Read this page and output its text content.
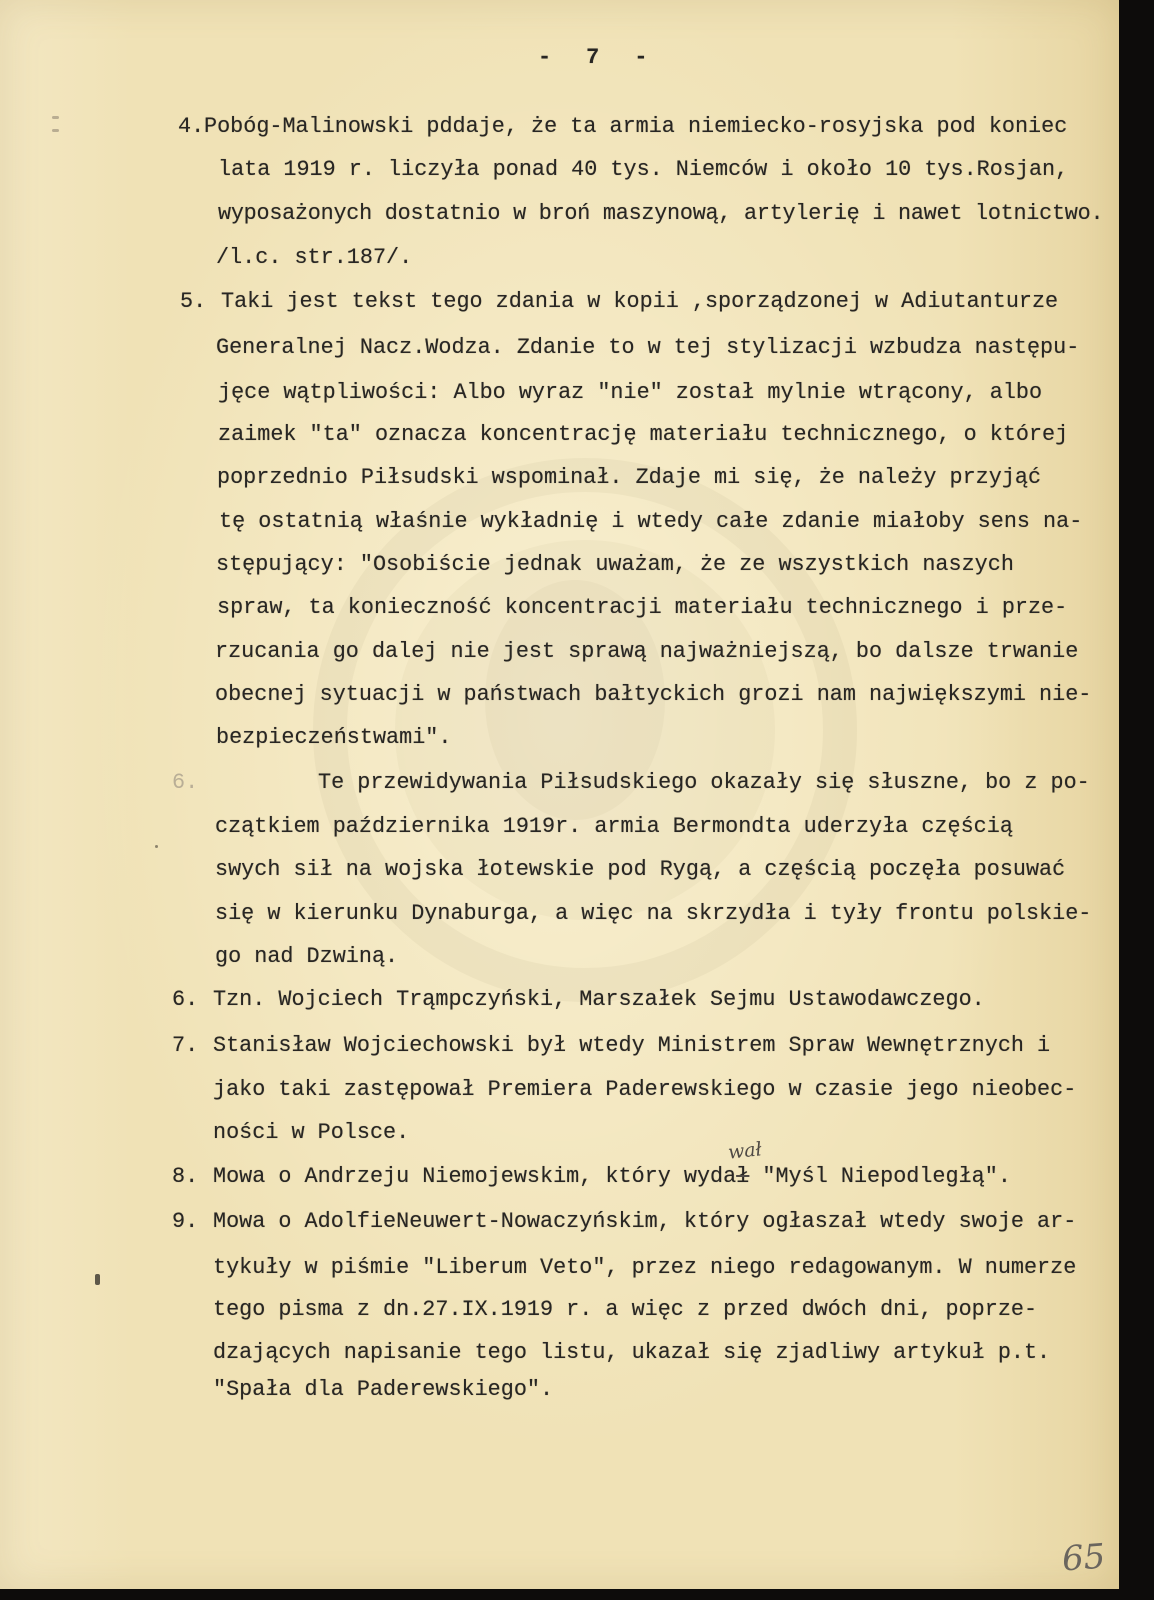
- 7 -
4. Pobóg-Malinowski pddaje, że ta armia niemiecko-rosyjska pod koniec
lata 1919 r. liczyła ponad 40 tys. Niemców i około 10 tys.Rosjan,
wyposażonych dostatnio w broń maszynową, artylerię i nawet lotnictwo.
/l.c. str.187/.
5. Taki jest tekst tego zdania w kopii ,sporządzonej w Adiutanturze
Generalnej Nacz.Wodza. Zdanie to w tej stylizacji wzbudza następu-
jęce wątpliwości: Albo wyraz "nie" został mylnie wtrącony, albo
zaimek "ta" oznacza koncentrację materiału technicznego, o której
poprzednio Piłsudski wspominał. Zdaje mi się, że należy przyjąć
tę ostatnią właśnie wykładnię i wtedy całe zdanie miałoby sens na-
stępujący: "Osobiście jednak uważam, że ze wszystkich naszych
spraw, ta konieczność koncentracji materiału technicznego i prze-
rzucania go dalej nie jest sprawą najważniejszą, bo dalsze trwanie
obecnej sytuacji w państwach bałtyckich grozi nam największymi nie-
bezpieczeństwami".
6.	Te przewidywania Piłsudskiego okazały się słuszne, bo z po-
czątkiem października 1919r. armia Bermondta uderzyła częścią
swych sił na wojska łotewskie pod Rygą, a częścią poczęła posuwać
się w kierunku Dynaburga, a więc na skrzydła i tyły frontu polskie-
go nad Dzwiną.
6. Tzn. Wojciech Trąmpczyński, Marszałek Sejmu Ustawodawczego.
7. Stanisław Wojciechowski był wtedy Ministrem Spraw Wewnętrznych i
jako taki zastępował Premiera Paderewskiego w czasie jego nieobec-
ności w Polsce.
8. Mowa o Andrzeju Niemojewskim, który wydał "Myśl Niepodległą".
wał
9. Mowa o AdolfieNeuwert-Nowaczyńskim, który ogłaszał wtedy swoje ar-
tykuły w piśmie "Liberum Veto", przez niego redagowanym. W numerze
tego pisma z dn.27.IX.1919 r. a więc z przed dwóch dni, poprze-
dzających napisanie tego listu, ukazał się zjadliwy artykuł p.t.
"Spała dla Paderewskiego".
65
